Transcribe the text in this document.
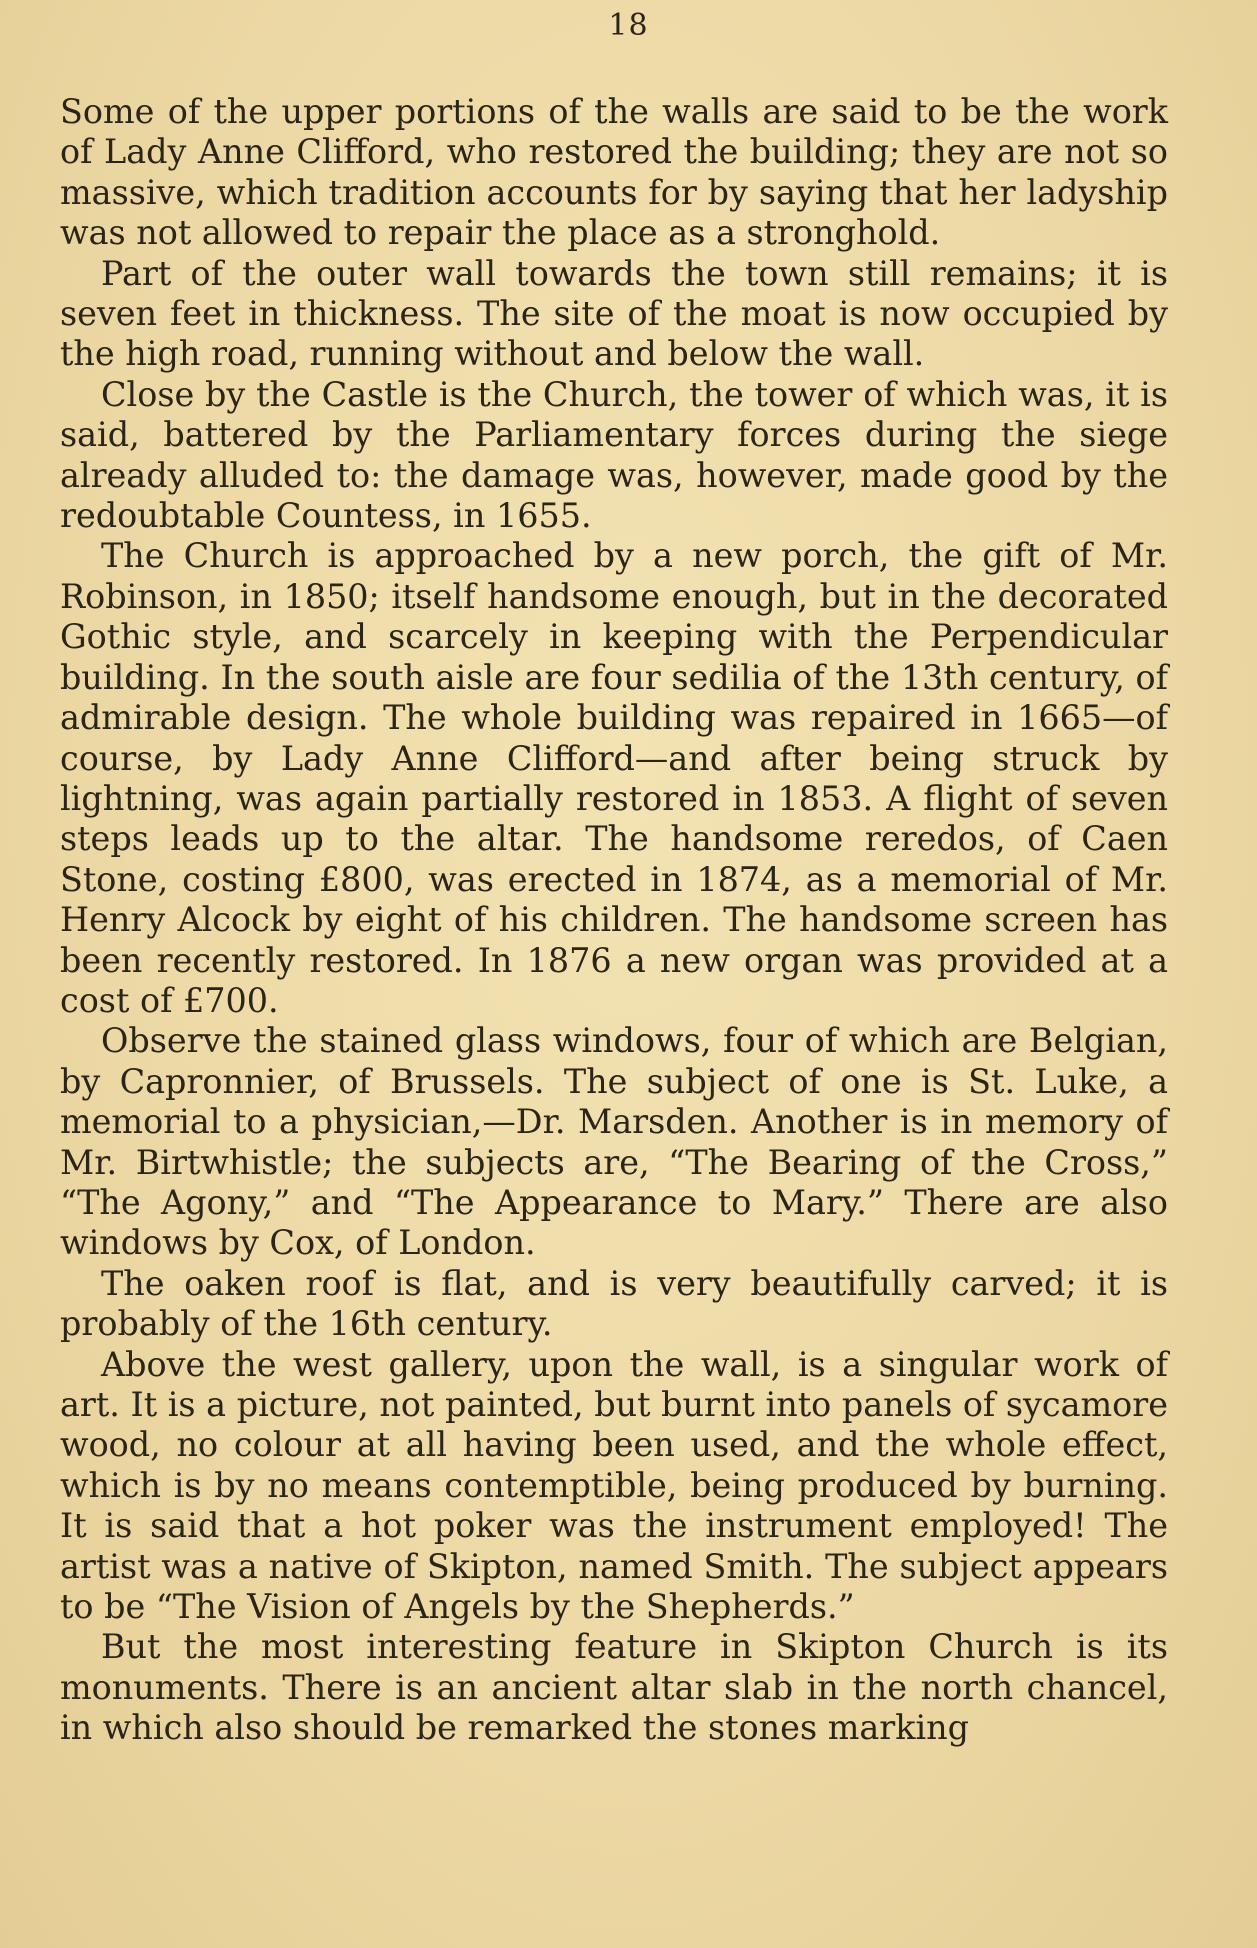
18

Some of the upper portions of the walls are said to be the work of Lady Anne Clifford, who restored the building; they are not so massive, which tradition accounts for by saying that her ladyship was not allowed to repair the place as a stronghold.

Part of the outer wall towards the town still remains; it is seven feet in thickness. The site of the moat is now occupied by the high road, running without and below the wall.

Close by the Castle is the Church, the tower of which was, it is said, battered by the Parliamentary forces during the siege already alluded to: the damage was, however, made good by the redoubtable Countess, in 1655.

The Church is approached by a new porch, the gift of Mr. Robinson, in 1850; itself handsome enough, but in the decorated Gothic style, and scarcely in keeping with the Perpendicular building. In the south aisle are four sedilia of the 13th century, of admirable design. The whole building was repaired in 1665—of course, by Lady Anne Clifford—and after being struck by lightning, was again partially restored in 1853. A flight of seven steps leads up to the altar. The handsome reredos, of Caen Stone, costing £800, was erected in 1874, as a memorial of Mr. Henry Alcock by eight of his children. The handsome screen has been recently restored. In 1876 a new organ was provided at a cost of £700.

Observe the stained glass windows, four of which are Belgian, by Capronnier, of Brussels. The subject of one is St. Luke, a memorial to a physician,—Dr. Marsden. Another is in memory of Mr. Birtwhistle; the subjects are, “The Bearing of the Cross,” “The Agony,” and “The Appearance to Mary.” There are also windows by Cox, of London.

The oaken roof is flat, and is very beautifully carved; it is probably of the 16th century.

Above the west gallery, upon the wall, is a singular work of art. It is a picture, not painted, but burnt into panels of sycamore wood, no colour at all having been used, and the whole effect, which is by no means contemptible, being produced by burning. It is said that a hot poker was the instrument employed! The artist was a native of Skipton, named Smith. The subject appears to be “The Vision of Angels by the Shepherds.”

But the most interesting feature in Skipton Church is its monuments. There is an ancient altar slab in the north chancel, in which also should be remarked the stones marking
